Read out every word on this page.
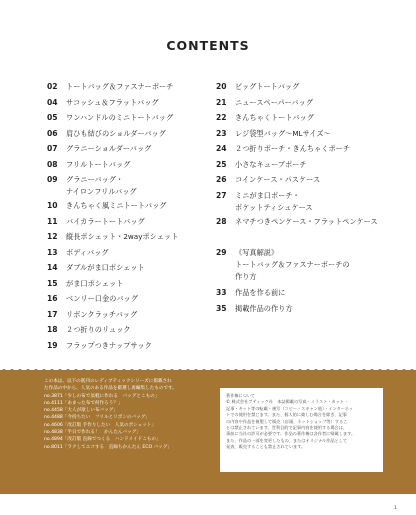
CONTENTS
02 トートバッグ＆ファスナーポーチ
04 サコッシュ＆フラットバッグ
05 ワンハンドルのミニトートバッグ
06 肩ひも結びのショルダーバッグ
07 グラニーショルダーバッグ
08 フリルトートバッグ
09 グラニーバッグ・
ナイロンフリルバッグ
10 きんちゃく風ミニトートバッグ
11 バイカラートートバッグ
12 縦長ポシェット・2wayポシェット
13 ボディバッグ
14 ダブルがま口ポシェット
15 がま口ポシェット
16 ベンリー口金のバッグ
17 リボンクラッチバッグ
18 ２つ折りのリュック
19 フラップつきナップサック
20 ビッグトートバッグ
21 ニュースペーパーバッグ
22 きんちゃくトートバッグ
23 レジ袋型バッグ〜MLサイズ〜
24 ２つ折りポーチ・きんちゃくポーチ
25 小さなキューブポーチ
26 コインケース・パスケース
27 ミニがま口ポーチ・
ポケットティシュケース
28 ネマチつきペンケース・フラットペンケース
29 《写真解説》
トートバッグ＆ファスナーポーチの
作り方
33 作品を作る前に
35 掲載作品の作り方
この本は、以下の既刊のレディブティックシリーズに掲載され
た作品の中から、人気のある作品を厳選し再編集したものです。
no.3871「少しの布で気軽に作れる　バッグとこもの」
no.4111「あまった布で何作ろう？」
no.4458「大人が欲しい布バッグ」
no.4488「今持ちたい　フリルとリボンのバッグ」
no.4606「改訂版 手作りしたい　人気のポシェット」
no.4838「半日で作れる！　かんたんバッグ」
no.4894「改訂版 直線でつくる　ハンドメイドこもの」
no.8011「ラクしてエコする　直線ちかんたん ECO バッグ」
著作権について
© 株式会社ブティック社　本誌掲載の写真・イラスト・カット・
記事・キット等の転載・複写（コピー・スキャン他）・インターネッ
トでの使用を禁じます。また、個人的に楽しむ場合を除き、記事
の内容や作品を複製して販売（店頭、ネットショップ等）するこ
とは禁止されています。営利目的で記事内容を使用する場合は、
事前に当社の許可が必要です。作品の著作権は各作者に帰属します。
また、作品の一部を変更したもの、またはオリジナル作品として
発表、販売することも禁止されています。
1
